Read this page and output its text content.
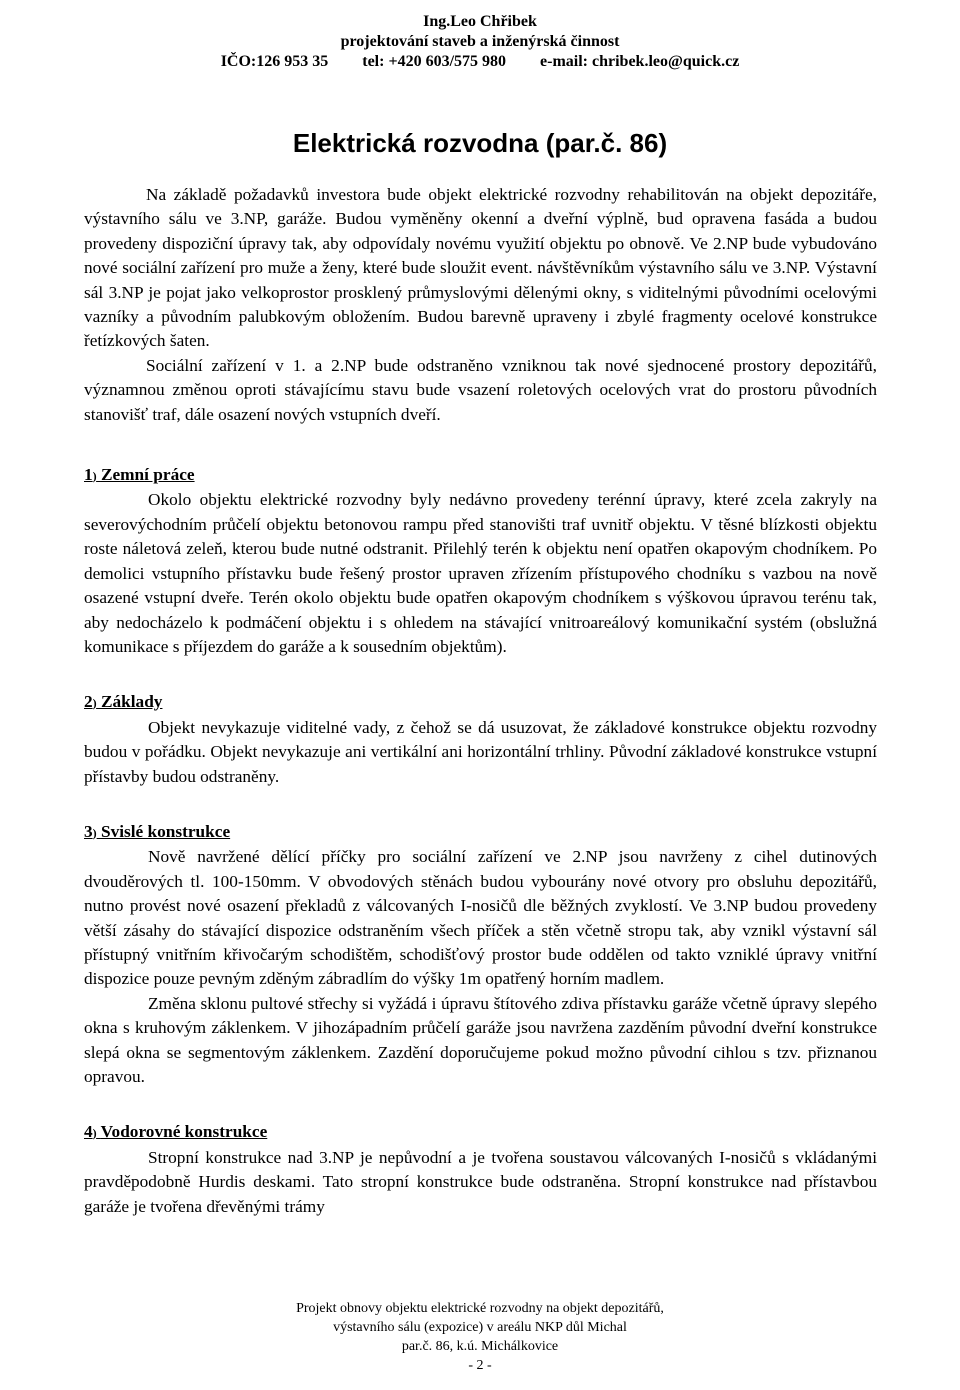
Ing.Leo Chřibek
projektování staveb a inženýrská činnost
IČO:126 953 35 tel: +420 603/575 980 e-mail: chribek.leo@quick.cz
Elektrická rozvodna (par.č. 86)

Na základě požadavků investora bude objekt elektrické rozvodny rehabilitován na objekt depozitáře, výstavního sálu ve 3.NP, garáže. Budou vyměněny okenní a dveřní výplně, bud opravena fasáda a budou provedeny dispoziční úpravy tak, aby odpovídaly novému využití objektu po obnově. Ve 2.NP bude vybudováno nové sociální zařízení pro muže a ženy, které bude sloužit event. návštěvníkům výstavního sálu ve 3.NP. Výstavní sál 3.NP je pojat jako velkoprostor prosklený průmyslovými dělenými okny, s viditelnými původními ocelovými vazníky a původním palubkovým obložením. Budou barevně upraveny i zbylé fragmenty ocelové konstrukce řetízkových šaten.

Sociální zařízení v 1. a 2.NP bude odstraněno vzniknou tak nové sjednocené prostory depozitářů, významnou změnou oproti stávajícímu stavu bude vsazení roletových ocelových vrat do prostoru původních stanovišť traf, dále osazení nových vstupních dveří.

1) Zemní práce

Okolo objektu elektrické rozvodny byly nedávno provedeny terénní úpravy, které zcela zakryly na severovýchodním průčelí objektu betonovou rampu před stanovišti traf uvnitř objektu. V těsné blízkosti objektu roste náletová zeleň, kterou bude nutné odstranit. Přilehlý terén k objektu není opatřen okapovým chodníkem. Po demolici vstupního přístavku bude řešený prostor upraven zřízením přístupového chodníku s vazbou na nově osazené vstupní dveře. Terén okolo objektu bude opatřen okapovým chodníkem s výškovou úpravou terénu tak, aby nedocházelo k podmáčení objektu i s ohledem na stávající vnitroareálový komunikační systém (obslužná komunikace s příjezdem do garáže a k sousedním objektům).

2) Základy

Objekt nevykazuje viditelné vady, z čehož se dá usuzovat, že základové konstrukce objektu rozvodny budou v pořádku. Objekt nevykazuje ani vertikální ani horizontální trhliny. Původní základové konstrukce vstupní přístavby budou odstraněny.

3) Svislé konstrukce

Nově navržené dělící příčky pro sociální zařízení ve 2.NP jsou navrženy z cihel dutinových dvouděrových tl. 100-150mm. V obvodových stěnách budou vybourány nové otvory pro obsluhu depozitářů, nutno provést nové osazení překladů z válcovaných I-nosičů dle běžných zvyklostí. Ve 3.NP budou provedeny větší zásahy do stávající dispozice odstraněním všech příček a stěn včetně stropu tak, aby vznikl výstavní sál přístupný vnitřním křivočarým schodištěm, schodišťový prostor bude oddělen od takto vzniklé úpravy vnitřní dispozice pouze pevným zděným zábradlím do výšky 1m opatřený horním madlem.

Změna sklonu pultové střechy si vyžádá i úpravu štítového zdiva přístavku garáže včetně úpravy slepého okna s kruhovým záklenkem. V jihozápadním průčelí garáže jsou navržena zazděním původní dveřní konstrukce slepá okna se segmentovým záklenkem. Zazdění doporučujeme pokud možno původní cihlou s tzv. přiznanou opravou.

4) Vodorovné konstrukce

Stropní konstrukce nad 3.NP je nepůvodní a je tvořena soustavou válcovaných I-nosičů s vkládanými pravděpodobně Hurdis deskami. Tato stropní konstrukce bude odstraněna. Stropní konstrukce nad přístavbou garáže je tvořena dřevěnými trámy

Projekt obnovy objektu elektrické rozvodny na objekt depozitářů,
výstavního sálu (expozice) v areálu NKP důl Michal
par.č. 86, k.ú. Michálkovice
- 2 -
